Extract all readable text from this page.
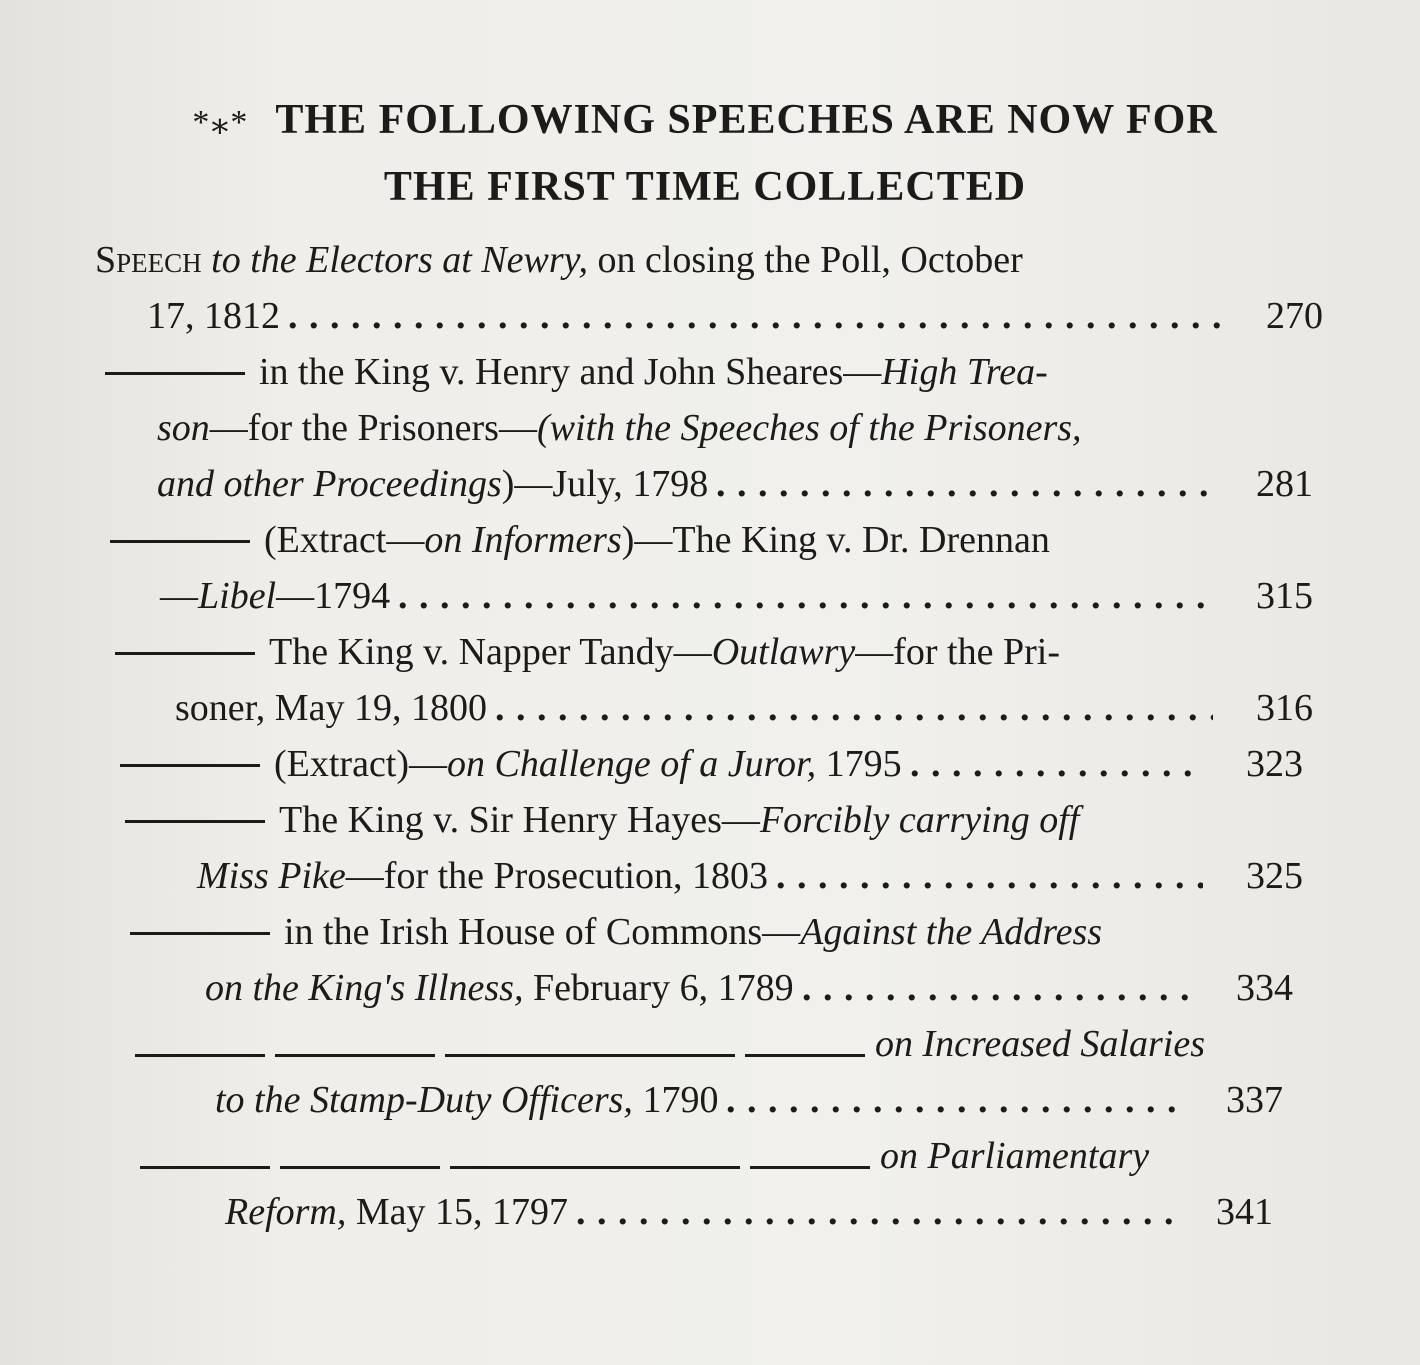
*⁎* THE FOLLOWING SPEECHES ARE NOW FOR
THE FIRST TIME COLLECTED
Speech to the Electors at Newry, on closing the Poll, October
17, 1812 . . .	270
in the King v. Henry and John Sheares—High Trea-
son—for the Prisoners—(with the Speeches of the Prisoners,
and other Proceedings)—July, 1798 . . .	281
(Extract—on Informers)—The King v. Dr. Drennan
—Libel—1794 . . .	315
The King v. Napper Tandy—Outlawry—for the Pri-
soner, May 19, 1800 . . .	316
(Extract)—on Challenge of a Juror, 1795 . . .	323
The King v. Sir Henry Hayes—Forcibly carrying off
Miss Pike—for the Prosecution, 1803 . . .	325
in the Irish House of Commons—Against the Address
on the King's Illness, February 6, 1789 . . .	334
on Increased Salaries
to the Stamp-Duty Officers, 1790 . . .	337
on Parliamentary
Reform, May 15, 1797 . . .	341
